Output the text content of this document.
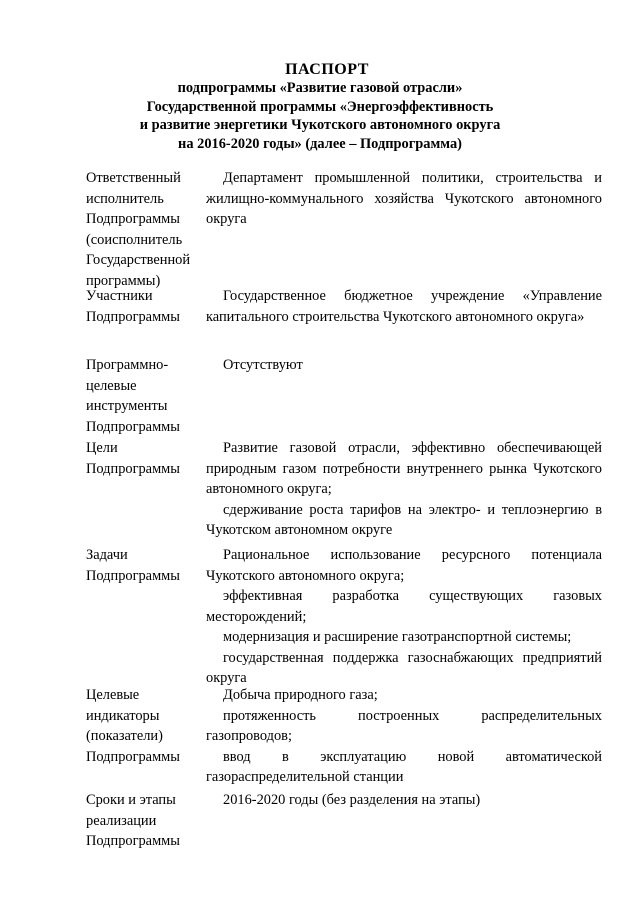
ПАСПОРТ
подпрограммы «Развитие газовой отрасли»
Государственной программы «Энергоэффективность
и развитие энергетики Чукотского автономного округа
на 2016-2020 годы» (далее – Подпрограмма)
Ответственный
исполнитель
Подпрограммы
(соисполнитель
Государственной
программы)
Департамент промышленной политики, строительства и жилищно-коммунального хозяйства Чукотского автономного округа
Участники
Подпрограммы
Государственное бюджетное учреждение «Управление капитального строительства Чукотского автономного округа»
Программно-
целевые
инструменты
Подпрограммы
Отсутствуют
Цели
Подпрограммы
Развитие газовой отрасли, эффективно обеспечивающей природным газом потребности внутреннего рынка Чукотского автономного округа;
сдерживание роста тарифов на электро- и теплоэнергию в Чукотском автономном округе
Задачи
Подпрограммы
Рациональное использование ресурсного потенциала Чукотского автономного округа;
эффективная разработка существующих газовых месторождений;
модернизация и расширение газотранспортной системы;
государственная поддержка газоснабжающих предприятий округа
Целевые
индикаторы
(показатели)
Подпрограммы
Добыча природного газа;
протяженность построенных распределительных газопроводов;
ввод в эксплуатацию новой автоматической газораспределительной станции
Сроки и этапы
реализации
Подпрограммы
2016-2020 годы (без разделения на этапы)
